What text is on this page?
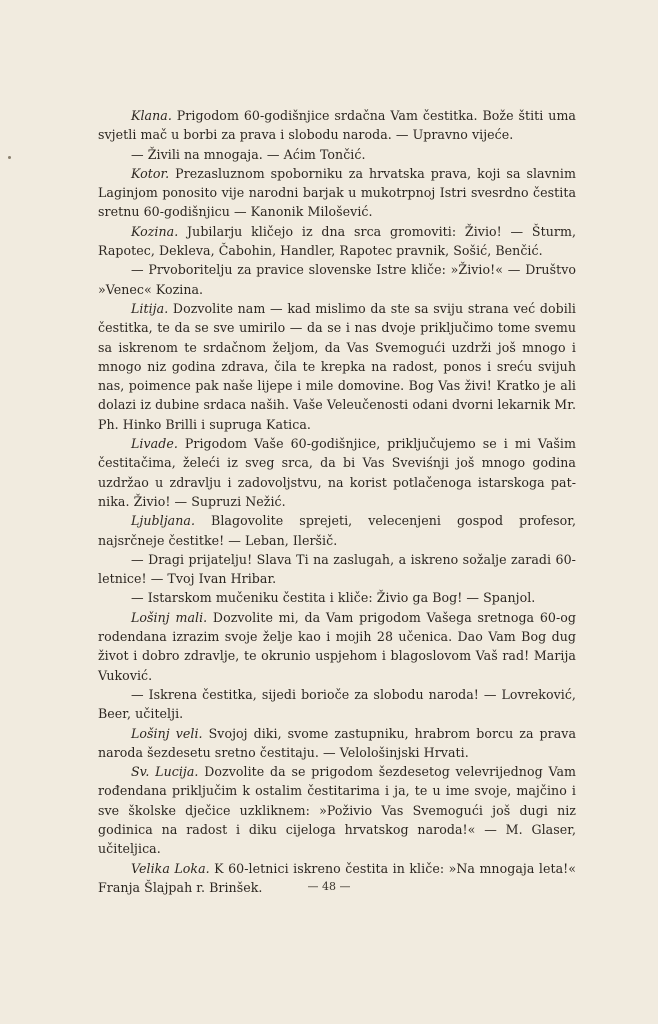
Klana. Prigodom 60-godišnjice srdačna Vam čestitka. Bože štiti uma svjetli mač u borbi za prava i slobodu naroda. — Upravno vijeće.

— Živili na mnogaja. — Aćim Tončić.

Kotor. Prezasluznom spoborniku za hrvatska prava, koji sa slavnim Laginjom ponosito vije narodni barjak u mukotrpnoj Istri svesrdno čestita sretnu 60-godišnjicu — Kanonik Milošević.

Kozina. Jubilarju kličejo iz dna srca gromoviti: Živio! — Šturm, Rapotec, Dekleva, Čabohin, Handler, Rapotec pravnik, Sošić, Benčić.

— Prvoboritelju za pravice slovenske Istre kliče: »Živio!« — Društvo »Venec« Kozina.

Litija. Dozvolite nam — kad mislimo da ste sa sviju strana već dobili čestitka, te da se sve umirilo — da se i nas dvoje priključimo tome svemu sa iskrenom te srdačnom željom, da Vas Svemogući uzdrži još mnogo i mnogo niz godina zdrava, čila te krepka na radost, ponos i sreću svijuh nas, poimence pak naše lijepe i mile domovine. Bog Vas živi! Kratko je ali dolazi iz dubine srdaca naših. Vaše Veleučenosti odani dvorni lekarnik Mr. Ph. Hinko Brilli i supruga Katica.

Livade. Prigodom Vaše 60-godišnjice, priključujemo se i mi Vašim čestitačima, želeći iz sveg srca, da bi Vas Sveviśnji još mnogo godina uzdržao u zdravlju i zadovoljstvu, na korist potlačenoga istarskoga pat-nika. Živio! — Supruzi Nežić.

Ljubljana. Blagovolite sprejeti, velecenjeni gospod profesor, najsrčneje čestitke! — Leban, Ileršič.

— Dragi prijatelju! Slava Ti na zaslugah, a iskreno sožalje zaradi 60-letnice! — Tvoj Ivan Hribar.

— Istarskom mučeniku čestita i kliče: Živio ga Bog! — Spanjol.

Lošinj mali. Dozvolite mi, da Vam prigodom Vašega sretnoga 60-og rodendana izrazim svoje želje kao i mojih 28 učenica. Dao Vam Bog dug život i dobro zdravlje, te okrunio uspjehom i blagoslovom Vaš rad! Marija Vuković.

— Iskrena čestitka, sijedi borioče za slobodu naroda! — Lovreković, Beer, učitelji.

Lošinj veli. Svojoj diki, svome zastupniku, hrabrom borcu za prava naroda šezdesetu sretno čestitaju. — Velološinjski Hrvati.

Sv. Lucija. Dozvolite da se prigodom šezdesetog velevrijednog Vam rođendana priključim k ostalim čestitarima i ja, te u ime svoje, majčino i sve školske dječice uzkliknem: »Poživio Vas Svemogući još dugi niz godinica na radost i diku cijeloga hrvatskog naroda!« — M. Glaser, učiteljica.

Velika Loka. K 60-letnici iskreno čestita in kliče: »Na mnogaja leta!« Franja Šlajpah r. Brinšek.	— 48 —
